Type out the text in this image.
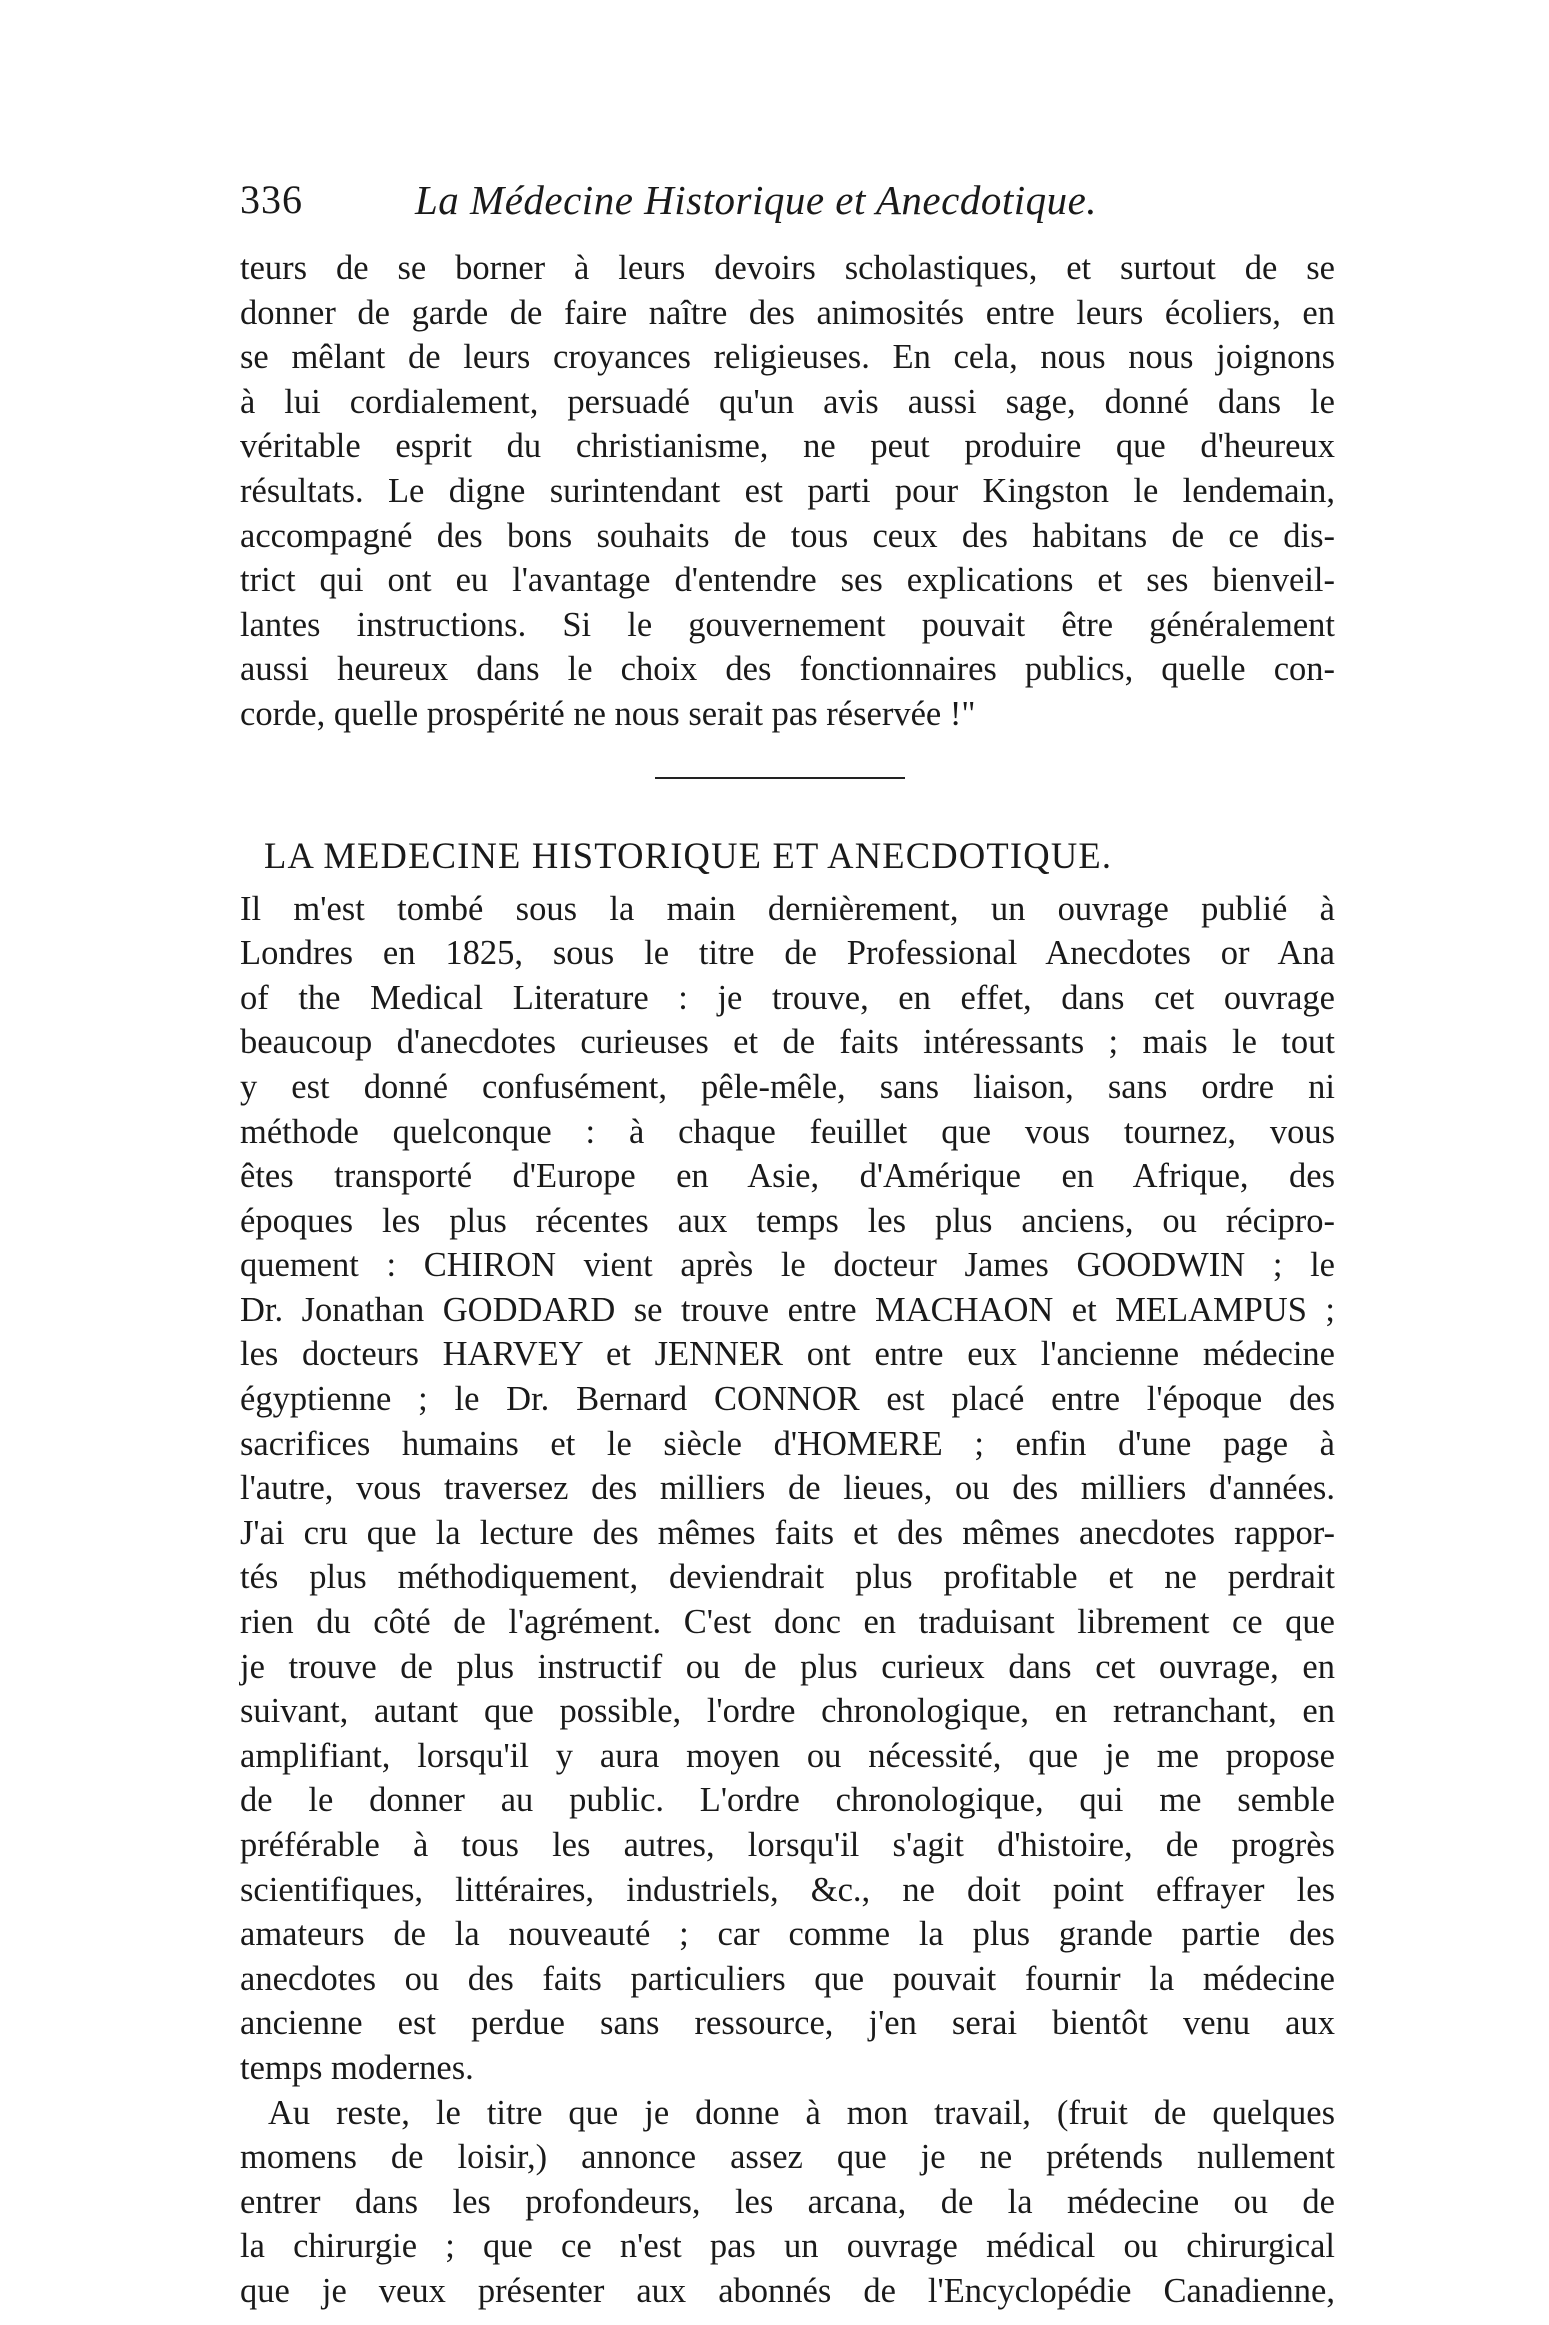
336	La Médecine Historique et Anecdotique.
teurs de se borner à leurs devoirs scholastiques, et surtout de se
donner de garde de faire naître des animosités entre leurs écoliers, en
se mêlant de leurs croyances religieuses. En cela, nous nous joignons
à lui cordialement, persuadé qu'un avis aussi sage, donné dans le
véritable esprit du christianisme, ne peut produire que d'heureux
résultats. Le digne surintendant est parti pour Kingston le lendemain,
accompagné des bons souhaits de tous ceux des habitans de ce dis-
trict qui ont eu l'avantage d'entendre ses explications et ses bienveil-
lantes instructions. Si le gouvernement pouvait être généralement
aussi heureux dans le choix des fonctionnaires publics, quelle con-
corde, quelle prospérité ne nous serait pas réservée !"
LA MEDECINE HISTORIQUE ET ANECDOTIQUE.
Il m'est tombé sous la main dernièrement, un ouvrage publié à
Londres en 1825, sous le titre de Professional Anecdotes or Ana
of the Medical Literature : je trouve, en effet, dans cet ouvrage
beaucoup d'anecdotes curieuses et de faits intéressants ; mais le tout
y est donné confusément, pêle-mêle, sans liaison, sans ordre ni
méthode quelconque : à chaque feuillet que vous tournez, vous
êtes transporté d'Europe en Asie, d'Amérique en Afrique, des
époques les plus récentes aux temps les plus anciens, ou récipro-
quement : CHIRON vient après le docteur James GOODWIN ; le
Dr. Jonathan GODDARD se trouve entre MACHAON et MELAMPUS ;
les docteurs HARVEY et JENNER ont entre eux l'ancienne médecine
égyptienne ; le Dr. Bernard CONNOR est placé entre l'époque des
sacrifices humains et le siècle d'HOMERE ; enfin d'une page à
l'autre, vous traversez des milliers de lieues, ou des milliers d'années.
J'ai cru que la lecture des mêmes faits et des mêmes anecdotes rappor-
tés plus méthodiquement, deviendrait plus profitable et ne perdrait
rien du côté de l'agrément. C'est donc en traduisant librement ce que
je trouve de plus instructif ou de plus curieux dans cet ouvrage, en
suivant, autant que possible, l'ordre chronologique, en retranchant, en
amplifiant, lorsqu'il y aura moyen ou nécessité, que je me propose
de le donner au public. L'ordre chronologique, qui me semble
préférable à tous les autres, lorsqu'il s'agit d'histoire, de progrès
scientifiques, littéraires, industriels, &c., ne doit point effrayer les
amateurs de la nouveauté ; car comme la plus grande partie des
anecdotes ou des faits particuliers que pouvait fournir la médecine
ancienne est perdue sans ressource, j'en serai bientôt venu aux
temps modernes.
Au reste, le titre que je donne à mon travail, (fruit de quelques
momens de loisir,) annonce assez que je ne prétends nullement
entrer dans les profondeurs, les arcana, de la médecine ou de
la chirurgie ; que ce n'est pas un ouvrage médical ou chirurgical
que je veux présenter aux abonnés de l'Encyclopédie Canadienne,
